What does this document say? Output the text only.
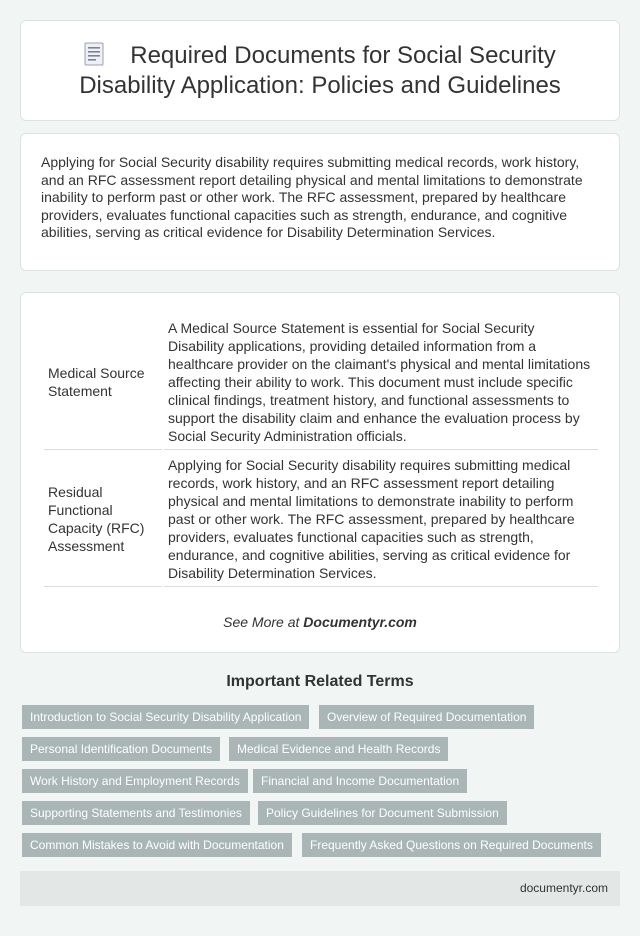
Required Documents for Social Security Disability Application: Policies and Guidelines

Applying for Social Security disability requires submitting medical records, work history, and an RFC assessment report detailing physical and mental limitations to demonstrate inability to perform past or other work. The RFC assessment, prepared by healthcare providers, evaluates functional capacities such as strength, endurance, and cognitive abilities, serving as critical evidence for Disability Determination Services.

Medical Source Statement	A Medical Source Statement is essential for Social Security Disability applications, providing detailed information from a healthcare provider on the claimant's physical and mental limitations affecting their ability to work. This document must include specific clinical findings, treatment history, and functional assessments to support the disability claim and enhance the evaluation process by Social Security Administration officials.
Residual Functional Capacity (RFC) Assessment	Applying for Social Security disability requires submitting medical records, work history, and an RFC assessment report detailing physical and mental limitations to demonstrate inability to perform past or other work. The RFC assessment, prepared by healthcare providers, evaluates functional capacities such as strength, endurance, and cognitive abilities, serving as critical evidence for Disability Determination Services.
See More at Documentyr.com
Important Related Terms
Introduction to Social Security Disability Application	Overview of Required Documentation
Personal Identification Documents	Medical Evidence and Health Records
Work History and Employment Records	Financial and Income Documentation
Supporting Statements and Testimonies	Policy Guidelines for Document Submission
Common Mistakes to Avoid with Documentation	Frequently Asked Questions on Required Documents
documentyr.com
